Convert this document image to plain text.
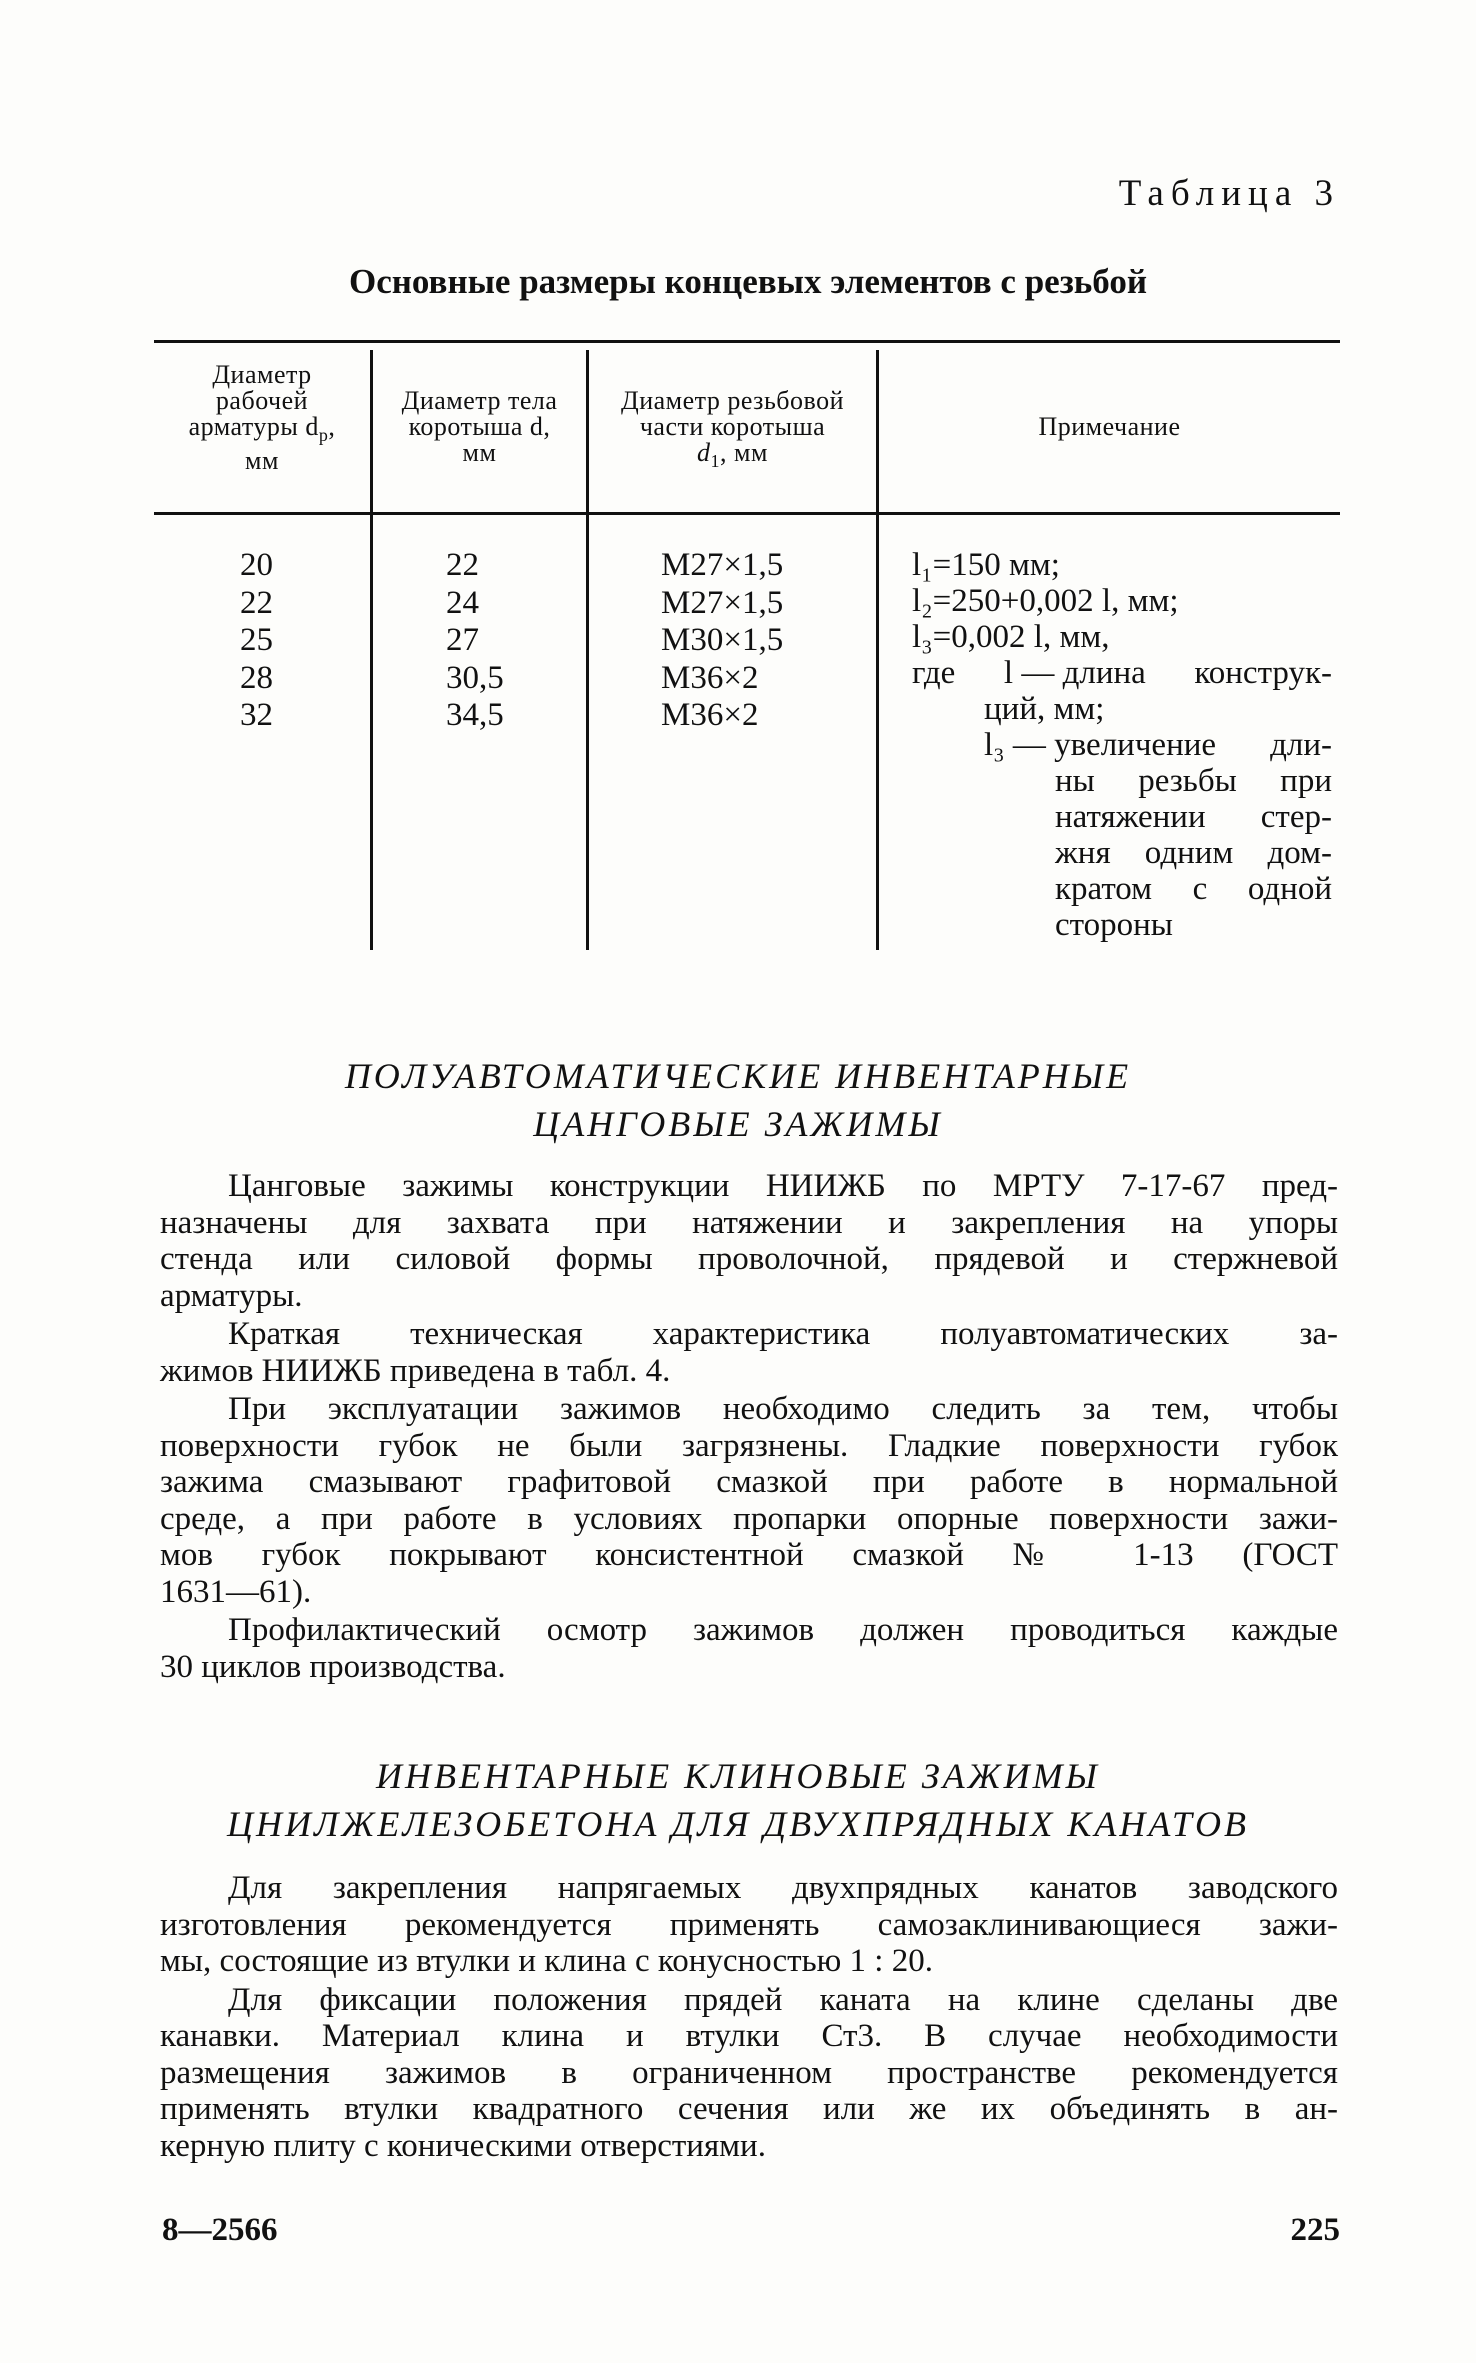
Таблица 3
Основные размеры концевых элементов с резьбой
Диаметр
рабочей
арматуры $d_р$,
мм
Диаметр тела
коротыша d,
мм
Диаметр резьбовой
части коротыша
$d_1$, мм
Примечание
20
22
25
28
32
22
24
27
30,5
34,5
М27×1,5
М27×1,5
М30×1,5
М36×2
М36×2
l₁=150 мм;
l₂=250+0,002 l, мм;
l₃=0,002 l, мм,
где l — длина конструк-
ций, мм;
l₃ — увеличение дли-
ны резьбы при
натяжении стер-
жня одним дом-
кратом с одной
стороны
ПОЛУАВТОМАТИЧЕСКИЕ ИНВЕНТАРНЫЕ
ЦАНГОВЫЕ ЗАЖИМЫ

Цанговые зажимы конструкции НИИЖБ по МРТУ 7-17-67 пред-
назначены для захвата при натяжении и закрепления на упоры
стенда или силовой формы проволочной, прядевой и стержневой
арматуры.

Краткая техническая характеристика полуавтоматических за-
жимов НИИЖБ приведена в табл. 4.

При эксплуатации зажимов необходимо следить за тем, чтобы
поверхности губок не были загрязнены. Гладкие поверхности губок
зажима смазывают графитовой смазкой при работе в нормальной
среде, а при работе в условиях пропарки опорные поверхности зажи-
мов губок покрывают консистентной смазкой № 1-13 (ГОСТ
1631—61).

Профилактический осмотр зажимов должен проводиться каждые
30 циклов производства.

ИНВЕНТАРНЫЕ КЛИНОВЫЕ ЗАЖИМЫ
ЦНИЛЖЕЛЕЗОБЕТОНА ДЛЯ ДВУХПРЯДНЫХ КАНАТОВ

Для закрепления напрягаемых двухпрядных канатов заводского
изготовления рекомендуется применять самозаклинивающиеся зажи-
мы, состоящие из втулки и клина с конусностью 1 : 20.

Для фиксации положения прядей каната на клине сделаны две
канавки. Материал клина и втулки Ст3. В случае необходимости
размещения зажимов в ограниченном пространстве рекомендуется
применять втулки квадратного сечения или же их объединять в ан-
керную плиту с коническими отверстиями.

8—2566	225
